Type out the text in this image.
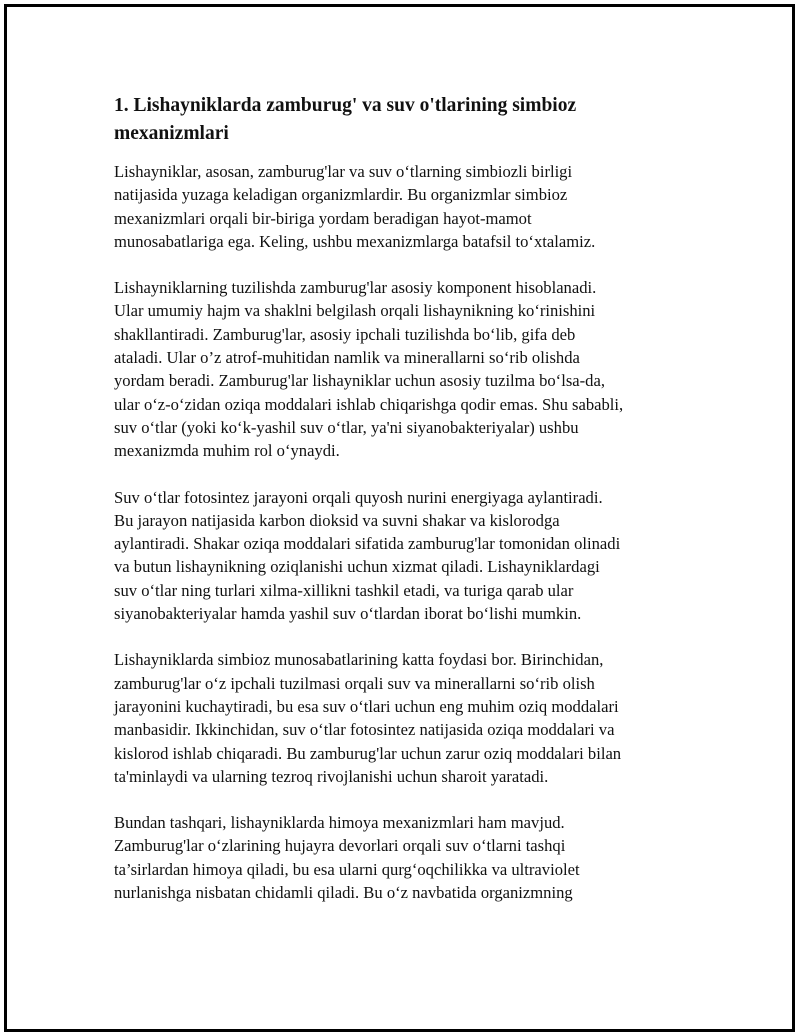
1. Lishayniklarda zamburug' va suv o'tlarining simbioz
mexanizmlari
Lishayniklar, asosan, zamburug'lar va suv o‘tlarning simbiozli birligi
natijasida yuzaga keladigan organizmlardir. Bu organizmlar simbioz
mexanizmlari orqali bir-biriga yordam beradigan hayot-mamot
munosabatlariga ega. Keling, ushbu mexanizmlarga batafsil to‘xtalamiz.
Lishayniklarning tuzilishda zamburug'lar asosiy komponent hisoblanadi.
Ular umumiy hajm va shaklni belgilash orqali lishaynikning ko‘rinishini
shakllantiradi. Zamburug'lar, asosiy ipchali tuzilishda bo‘lib, gifa deb
ataladi. Ular o’z atrof-muhitidan namlik va minerallarni so‘rib olishda
yordam beradi. Zamburug'lar lishayniklar uchun asosiy tuzilma bo‘lsa-da,
ular o‘z-o‘zidan oziqa moddalari ishlab chiqarishga qodir emas. Shu sababli,
suv o‘tlar (yoki ko‘k-yashil suv o‘tlar, ya'ni siyanobakteriyalar) ushbu
mexanizmda muhim rol o‘ynaydi.
Suv o‘tlar fotosintez jarayoni orqali quyosh nurini energiyaga aylantiradi.
Bu jarayon natijasida karbon dioksid va suvni shakar va kislorodga
aylantiradi. Shakar oziqa moddalari sifatida zamburug'lar tomonidan olinadi
va butun lishaynikning oziqlanishi uchun xizmat qiladi. Lishayniklardagi
suv o‘tlar ning turlari xilma-xillikni tashkil etadi, va turiga qarab ular
siyanobakteriyalar hamda yashil suv o‘tlardan iborat bo‘lishi mumkin.
Lishayniklarda simbioz munosabatlarining katta foydasi bor. Birinchidan,
zamburug'lar o‘z ipchali tuzilmasi orqali suv va minerallarni so‘rib olish
jarayonini kuchaytiradi, bu esa suv o‘tlari uchun eng muhim oziq moddalari
manbasidir. Ikkinchidan, suv o‘tlar fotosintez natijasida oziqa moddalari va
kislorod ishlab chiqaradi. Bu zamburug'lar uchun zarur oziq moddalari bilan
ta'minlaydi va ularning tezroq rivojlanishi uchun sharoit yaratadi.
Bundan tashqari, lishayniklarda himoya mexanizmlari ham mavjud.
Zamburug'lar o‘zlarining hujayra devorlari orqali suv o‘tlarni tashqi
ta’sirlardan himoya qiladi, bu esa ularni qurg‘oqchilikka va ultraviolet
nurlanishga nisbatan chidamli qiladi. Bu o‘z navbatida organizmning
